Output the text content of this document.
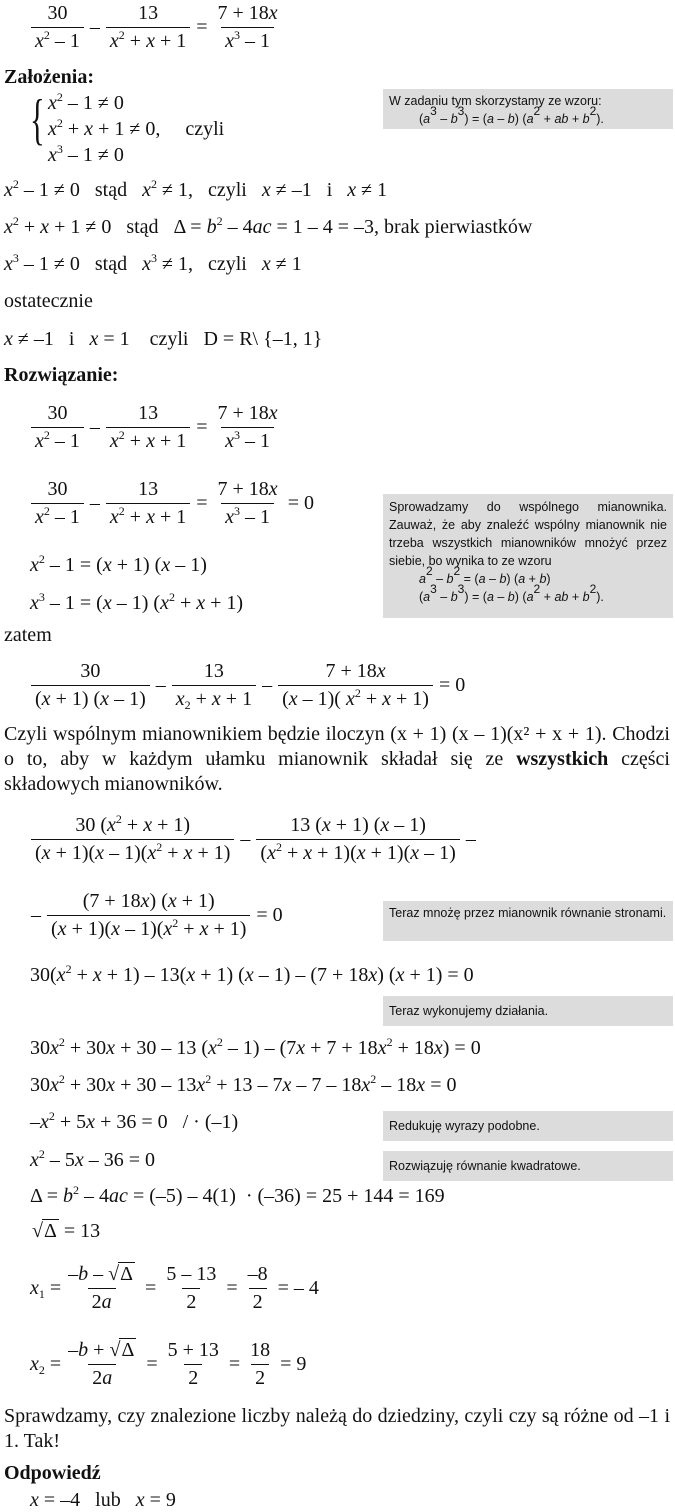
30
$x^2 - 1$
– $\frac{13}{x^2 + x + 1} = \frac{7 + 18x}{x^3 - 1}$
Założenia:
{ $x^2 - 1 \ne 0$
$x^2 + x + 1 \ne 0$,     czyli
$x^3 - 1 \ne 0$
W zadaniu tym skorzystamy ze wzoru:
$(a^3 - b^3) = (a - b) (a^2$ + ab + $b^2$).
$x^2 - 1 \ne 0$   stąd $x^2 \ne 1$,   czyli x ≠ –1   i x ≠ 1
$x^2 + x + 1 \ne 0$   stąd   $\Delta = b^2 - 4ac = 1 - 4 = -3$, brak pierwiastków
$x^3 - 1 \ne 0$   stąd $x^3 \ne 1$,   czyli x ≠ 1
ostatecznie
x ≠ –1   i x = 1    czyli   D = R\ {–1, 1}
Rozwiązanie:
30
$x^2 - 1$
– $\frac{13}{x^2 + x + 1} = \frac{7 + 18x}{x^3 - 1}$
30
$x^2 - 1$
– $\frac{13}{x^2 + x + 1} = \frac{7 + 18x}{x^3 - 1} = 0$	Sprowadzamy do wspólnego mianownika. Zauważ, że aby znaleźć wspólny mianownik nie trzeba wszystkich mianowników mnożyć przez siebie, bo wynika to ze wzoru
$a^2 - b^2 = (a - b) (a + b)$
$(a^3 - b^3) = (a - b) (a^2$ + ab + $b^2$).
$x^2 - 1 = (x + 1)$ (x – 1)
$x^3 - 1 = (x - 1) (x^2 + x + 1)$
zatem
30
(x + 1) (x – 1)
–
13
$x_2 + x + 1$
– $\frac{7 + 18x}{(x - 1)( x^2 + x + 1)} = 0$
Czyli wspólnym mianownikiem będzie iloczyn (x + 1) (x – 1)(x² + x + 1). Chodzi o to, aby w każdym ułamku mianownik składał się ze wszystkich części składowych mianowników.
30 $(x^2 + x + 1)$
$(x + 1)(x - 1)(x^2 + x + 1)$
–
13 (x + 1) (x – 1)
$(x^2 + x + 1)(x + 1)(x - 1)$
–
– $\frac{(7 + 18x) (x + 1)}{(x + 1)(x - 1)(x^2 + x + 1)} = 0$	Teraz mnożę przez mianownik równanie stronami.
$30(x^2 + x + 1) - 13(x + 1)$ (x – 1) – (7 + 18x) (x + 1) = 0
Teraz wykonujemy działania.
$30x^2 + 30x + 30 - 13$ $(x^2 - 1) - (7x + 7 + 18x^2 + 18x) = 0$
$30x^2 + 30x + 30 - 13x^2 + 13 - 7x - 7 - 18x^2 - 18x = 0$
$-x^2 + 5x + 36 = 0$   / · (–1)	Redukuję wyrazy podobne.
$x^2 - 5x - 36 = 0$	Rozwiązuję równanie kwadratowe.
$\Delta = b^2 - 4ac = (-5) - 4(1) \cdot (-36) = 25 + 144 = 169$
√Δ = 13
$x_1 = \frac{-b - √\Delta}{2a} = \frac{5 - 13}{2} = \frac{-8}{2}$ = – 4
$x_2 = \frac{-b + √\Delta}{2a} = \frac{5 + 13}{2} = \frac{18}{2} = 9$
Sprawdzamy, czy znalezione liczby należą do dziedziny, czyli czy są różne od –1 i 1. Tak!
Odpowiedź
x = –4   lub x = 9
